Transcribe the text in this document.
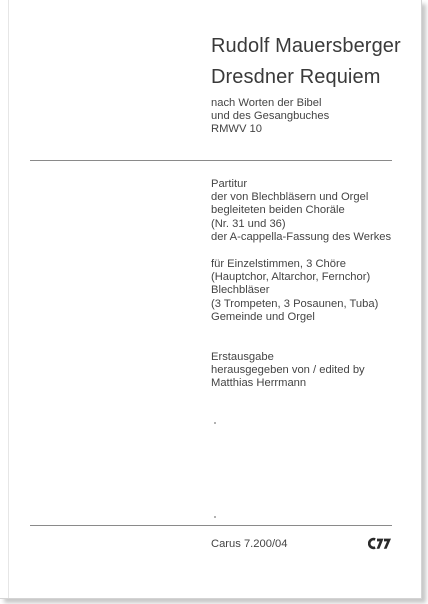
Rudolf Mauersberger
Dresdner Requiem
nach Worten der Bibel
und des Gesangbuches
RMWV 10
Partitur
der von Blechbläsern und Orgel
begleiteten beiden Choräle
(Nr. 31 und 36)
der A-cappella-Fassung des Werkes
für Einzelstimmen, 3 Chöre
(Hauptchor, Altarchor, Fernchor)
Blechbläser
(3 Trompeten, 3 Posaunen, Tuba)
Gemeinde und Orgel
Erstausgabe
herausgegeben von / edited by
Matthias Herrmann
Carus 7.200/04
